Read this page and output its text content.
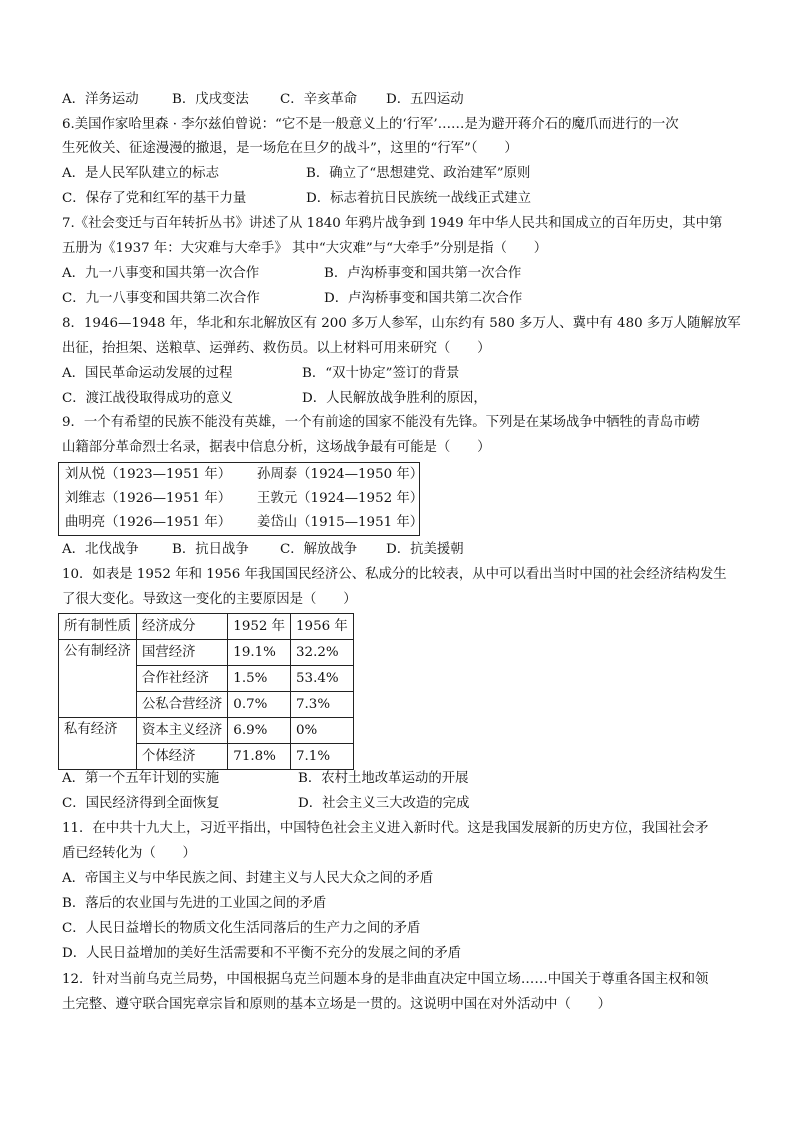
A．洋务运动 B．戊戌变法 C．辛亥革命 D．五四运动
6.美国作家哈里森 · 李尔兹伯曾说：“它不是一般意义上的‘行军’……是为避开蒋介石的魔爪而进行的一次
生死攸关、征途漫漫的撤退，是一场危在旦夕的战斗”，这里的“行军”（　　）
A．是人民军队建立的标志	B．确立了“思想建党、政治建军”原则
C．保存了党和红军的基干力量	D．标志着抗日民族统一战线正式建立
7.《社会变迁与百年转折丛书》讲述了从 1840 年鸦片战争到 1949 年中华人民共和国成立的百年历史，其中第
五册为《1937 年：大灾难与大牵手》 其中“大灾难”与“大牵手”分别是指（　　）
A．九一八事变和国共第一次合作	B．卢沟桥事变和国共第一次合作
C．九一八事变和国共第二次合作	D．卢沟桥事变和国共第二次合作
8．1946—1948 年，华北和东北解放区有 200 多万人参军，山东约有 580 多万人、冀中有 480 多万人随解放军
出征，抬担架、送粮草、运弹药、救伤员。以上材料可用来研究（　　）
A．国民革命运动发展的过程	B．“双十协定”签订的背景
C．渡江战役取得成功的意义	D．人民解放战争胜利的原因，
9．一个有希望的民族不能没有英雄，一个有前途的国家不能没有先锋。下列是在某场战争中牺牲的青岛市崂
山籍部分革命烈士名录，据表中信息分析，这场战争最有可能是（　　）
刘从悦（1923—1951 年） 孙周泰（1924—1950 年）
刘维志（1926—1951 年） 王敦元（1924—1952 年）
曲明亮（1926—1951 年） 姜岱山（1915—1951 年）
A．北伐战争 B．抗日战争 C．解放战争 D．抗美援朝
10．如表是 1952 年和 1956 年我国国民经济公、私成分的比较表，从中可以看出当时中国的社会经济结构发生
了很大变化。导致这一变化的主要原因是（　　）
所有制性质	经济成分	1952 年	1956 年
公有制经济	国营经济	19.1%	32.2%
	合作社经济	1.5%	53.4%
	公私合营经济	0.7%	7.3%
私有经济	资本主义经济	6.9%	0%
	个体经济	71.8%	7.1%
A．第一个五年计划的实施	B．农村土地改革运动的开展
C．国民经济得到全面恢复	D．社会主义三大改造的完成
11．在中共十九大上，习近平指出，中国特色社会主义进入新时代。这是我国发展新的历史方位，我国社会矛
盾已经转化为（　　）
A．帝国主义与中华民族之间、封建主义与人民大众之间的矛盾
B．落后的农业国与先进的工业国之间的矛盾
C．人民日益增长的物质文化生活同落后的生产力之间的矛盾
D．人民日益增加的美好生活需要和不平衡不充分的发展之间的矛盾
12．针对当前乌克兰局势，中国根据乌克兰问题本身的是非曲直决定中国立场……中国关于尊重各国主权和领
土完整、遵守联合国宪章宗旨和原则的基本立场是一贯的。这说明中国在对外活动中（　　）
